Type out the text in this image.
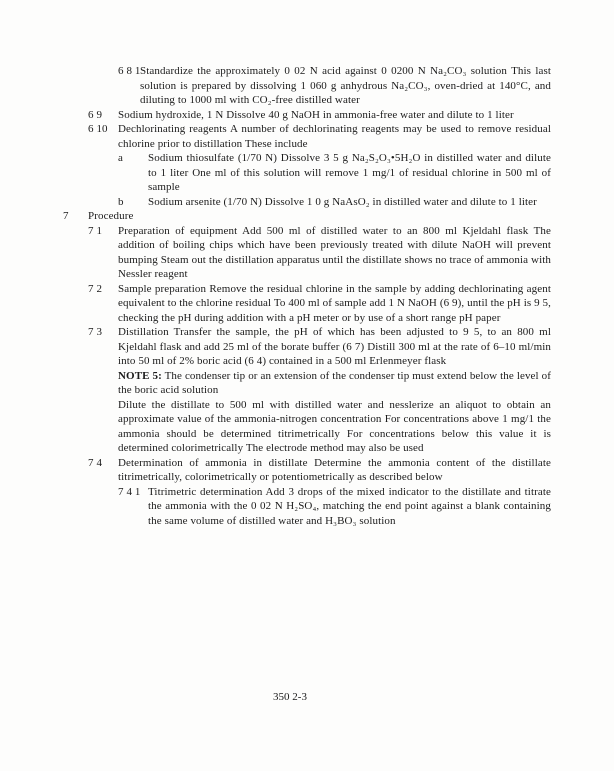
6 8 1 Standardize the approximately 0 02 N acid against 0 0200 N Na₂CO₃ solution This last solution is prepared by dissolving 1 060 g anhydrous Na₂CO₃, oven-dried at 140°C, and diluting to 1000 ml with CO₂-free distilled water
6 9 Sodium hydroxide, 1 N Dissolve 40 g NaOH in ammonia-free water and dilute to 1 liter
6 10 Dechlorinating reagents A number of dechlorinating reagents may be used to remove residual chlorine prior to distillation These include
a Sodium thiosulfate (1/70 N) Dissolve 3 5 g Na₂S₂O₃•5H₂O in distilled water and dilute to 1 liter One ml of this solution will remove 1 mg/1 of residual chlorine in 500 ml of sample
b Sodium arsenite (1/70 N) Dissolve 1 0 g NaAsO₂ in distilled water and dilute to 1 liter
7 Procedure
7 1 Preparation of equipment Add 500 ml of distilled water to an 800 ml Kjeldahl flask The addition of boiling chips which have been previously treated with dilute NaOH will prevent bumping Steam out the distillation apparatus until the distillate shows no trace of ammonia with Nessler reagent
7 2 Sample preparation Remove the residual chlorine in the sample by adding dechlorinating agent equivalent to the chlorine residual To 400 ml of sample add 1 N NaOH (6 9), until the pH is 9 5, checking the pH during addition with a pH meter or by use of a short range pH paper
7 3 Distillation Transfer the sample, the pH of which has been adjusted to 9 5, to an 800 ml Kjeldahl flask and add 25 ml of the borate buffer (6 7) Distill 300 ml at the rate of 6–10 ml/min into 50 ml of 2% boric acid (6 4) contained in a 500 ml Erlenmeyer flask
NOTE 5: The condenser tip or an extension of the condenser tip must extend below the level of the boric acid solution
Dilute the distillate to 500 ml with distilled water and nesslerize an aliquot to obtain an approximate value of the ammonia-nitrogen concentration For concentrations above 1 mg/1 the ammonia should be determined titrimetrically For concentrations below this value it is determined colorimetrically The electrode method may also be used
7 4 Determination of ammonia in distillate Determine the ammonia content of the distillate titrimetrically, colorimetrically or potentiometrically as described below
7 4 1 Titrimetric determination Add 3 drops of the mixed indicator to the distillate and titrate the ammonia with the 0 02 N H₂SO₄, matching the end point against a blank containing the same volume of distilled water and H₃BO₃ solution
350 2-3
